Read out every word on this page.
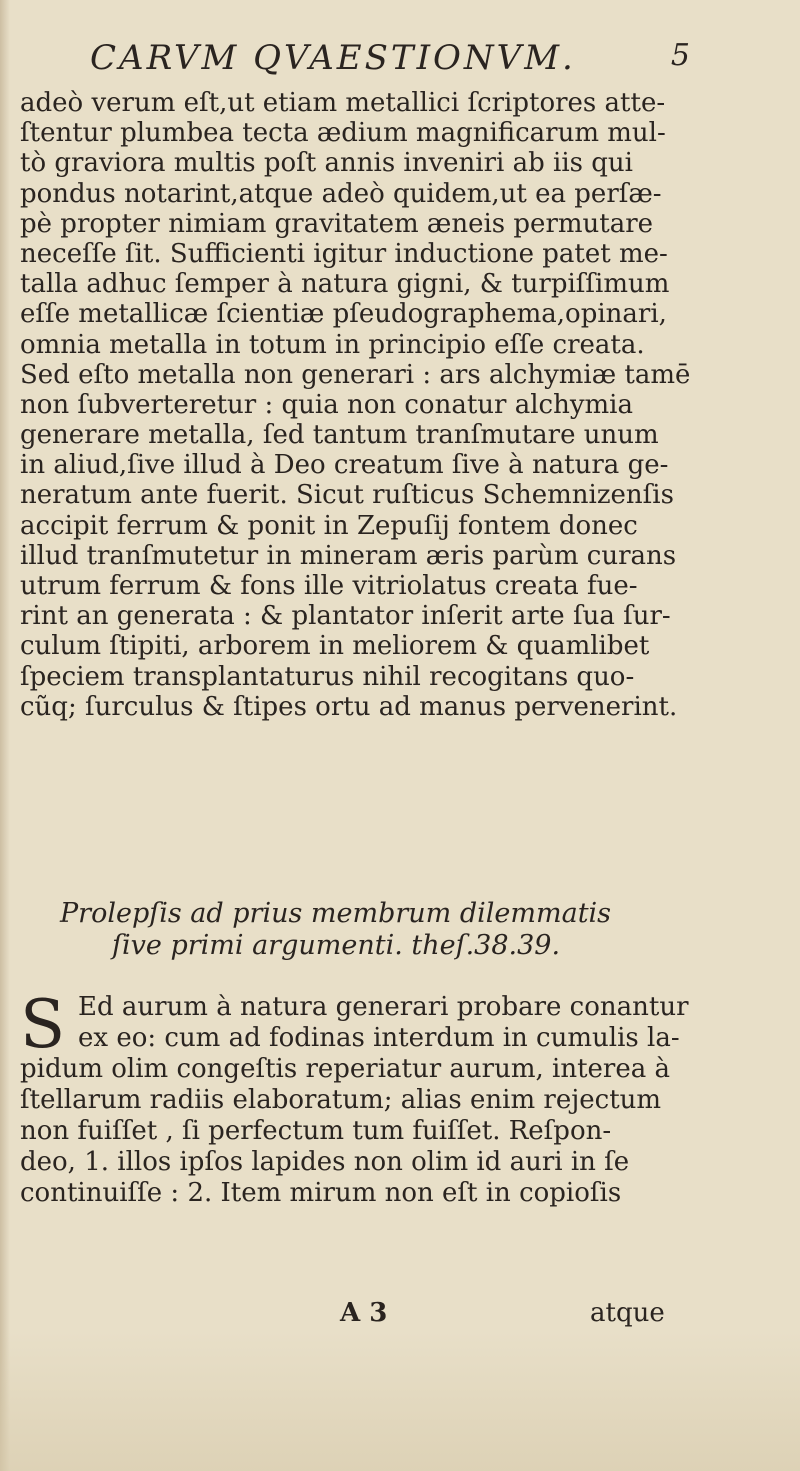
CARVM QVAESTIONVM.	5
adeò verum eſt,ut etiam metallici ſcriptores atte-
ſtentur plumbea tecta ædium magnificarum mul-
tò graviora multis poſt annis inveniri ab iis qui
pondus notarint,atque adeò quidem,ut ea perſæ-
pè propter nimiam gravitatem æneis permutare
neceſſe ſit. Sufficienti igitur inductione patet me-
talla adhuc ſemper à natura gigni, & turpiſſimum
eſſe metallicæ ſcientiæ pſeudographema,opinari,
omnia metalla in totum in principio eſſe creata.
Sed eſto metalla non generari : ars alchymiæ tamē
non ſubverteretur : quia non conatur alchymia
generare metalla, ſed tantum tranſmutare unum
in aliud,ſive illud à Deo creatum ſive à natura ge-
neratum ante fuerit. Sicut ruſticus Schemnizenſis
accipit ferrum & ponit in Zepuſij fontem donec
illud tranſmutetur in mineram æris parùm curans
utrum ferrum & fons ille vitriolatus creata fue-
rint an generata : & plantator inſerit arte ſua ſur-
culum ſtipiti, arborem in meliorem & quamlibet
ſpeciem transplantaturus nihil recogitans quo-
cũq; ſurculus & ſtipes ortu ad manus pervenerint.
Prolepſis ad prius membrum dilemmatis
ſive primi argumenti. theſ.38.39.
S Ed aurum à natura generari probare conantur
ex eo: cum ad fodinas interdum in cumulis la-
pidum olim congeſtis reperiatur aurum, interea à
ſtellarum radiis elaboratum; alias enim rejectum
non fuiſſet , ſi perfectum tum fuiſſet. Reſpon-
deo, 1. illos ipſos lapides non olim id auri in ſe
continuiſſe : 2. Item mirum non eſt in copioſis
A 3	atque
